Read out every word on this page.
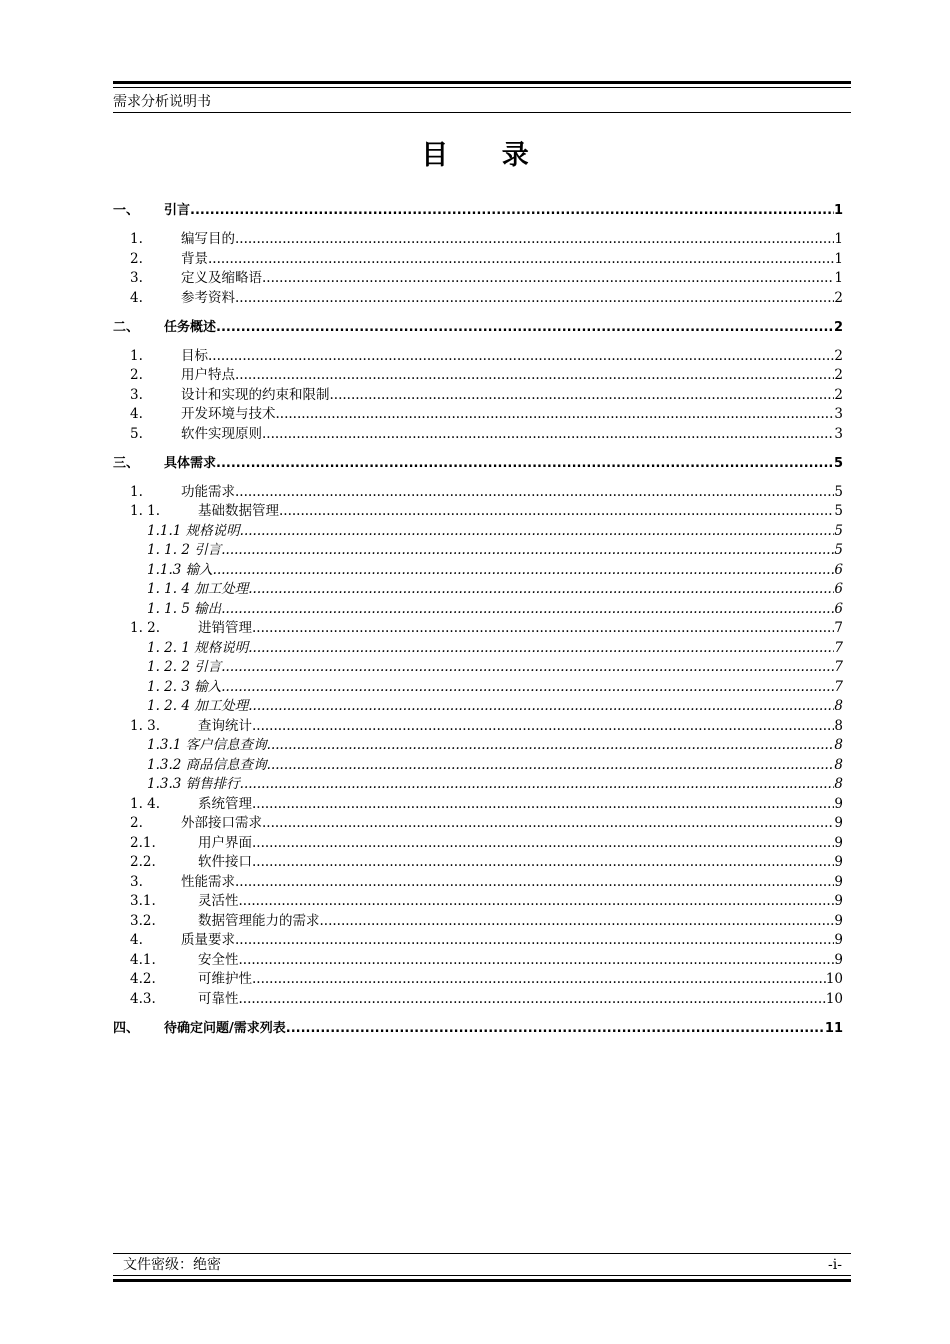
需求分析说明书
目 录
一、	引言 .....	1
1.	编写目的 .....	1
2.	背景 .....	1
3.	定义及缩略语 .....	1
4.	参考资料 .....	2
二、	任务概述 .....	2
1.	目标 .....	2
2.	用户特点 .....	2
3.	设计和实现的约束和限制 .....	2
4.	开发环境与技术 .....	3
5.	软件实现原则 .....	3
三、	具体需求 .....	5
1.	功能需求 .....	5
1. 1.	基础数据管理 .....	5
1.1.1 规格说明 .....	5
1. 1. 2 引言 .....	5
1.1.3 输入 .....	6
1. 1. 4 加工处理 .....	6
1. 1. 5 输出 .....	6
1. 2.	进销管理 .....	7
1. 2. 1 规格说明 .....	7
1. 2. 2 引言 .....	7
1. 2. 3 输入 .....	7
1. 2. 4 加工处理 .....	8
1. 3.	查询统计 .....	8
1.3.1 客户信息查询 .....	8
1.3.2 商品信息查询 .....	8
1.3.3 销售排行 .....	8
1. 4.	系统管理 .....	9
2.	外部接口需求 .....	9
2.1.	用户界面 .....	9
2.2.	软件接口 .....	9
3.	性能需求 .....	9
3.1.	灵活性 .....	9
3.2.	数据管理能力的需求 .....	9
4.	质量要求 .....	9
4.1.	安全性 .....	9
4.2.	可维护性 .....	10
4.3.	可靠性 .....	10
四、	待确定问题/需求列表 .....	11
文件密级：绝密	-i-
